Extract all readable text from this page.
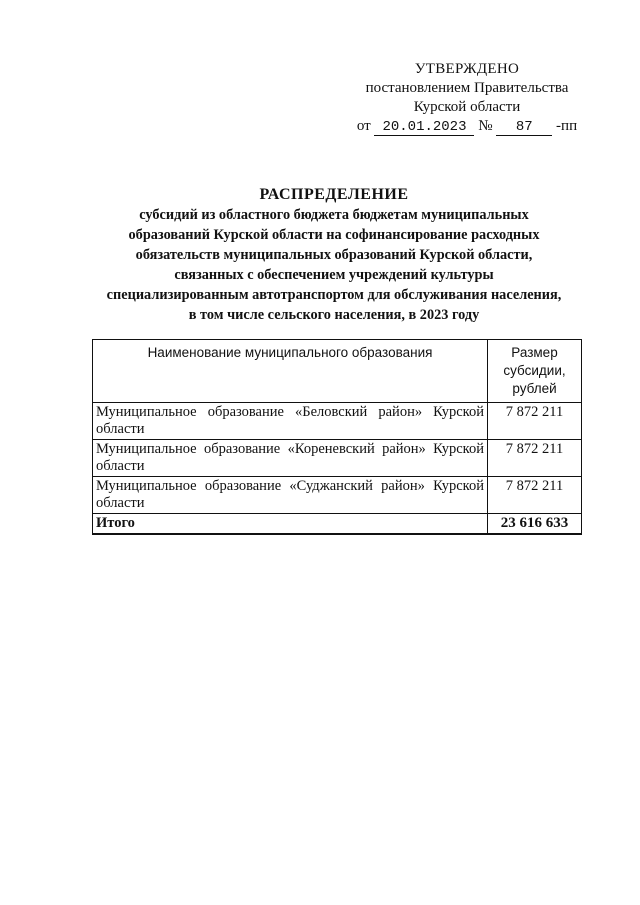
УТВЕРЖДЕНО
постановлением Правительства
Курской области
от 20.01.2023 № 87 -пп
РАСПРЕДЕЛЕНИЕ
субсидий из областного бюджета бюджетам муниципальных
образований Курской области на софинансирование расходных
обязательств муниципальных образований Курской области,
связанных с обеспечением учреждений культуры
специализированным автотранспортом для обслуживания населения,
в том числе сельского населения, в 2023 году
Наименование муниципального образования	Размер
субсидии,
рублей

Муниципальное образование «Беловский район» Курской области	7 872 211
Муниципальное образование «Кореневский район» Курской области	7 872 211
Муниципальное образование «Суджанский район» Курской области	7 872 211
Итого	23 616 633
